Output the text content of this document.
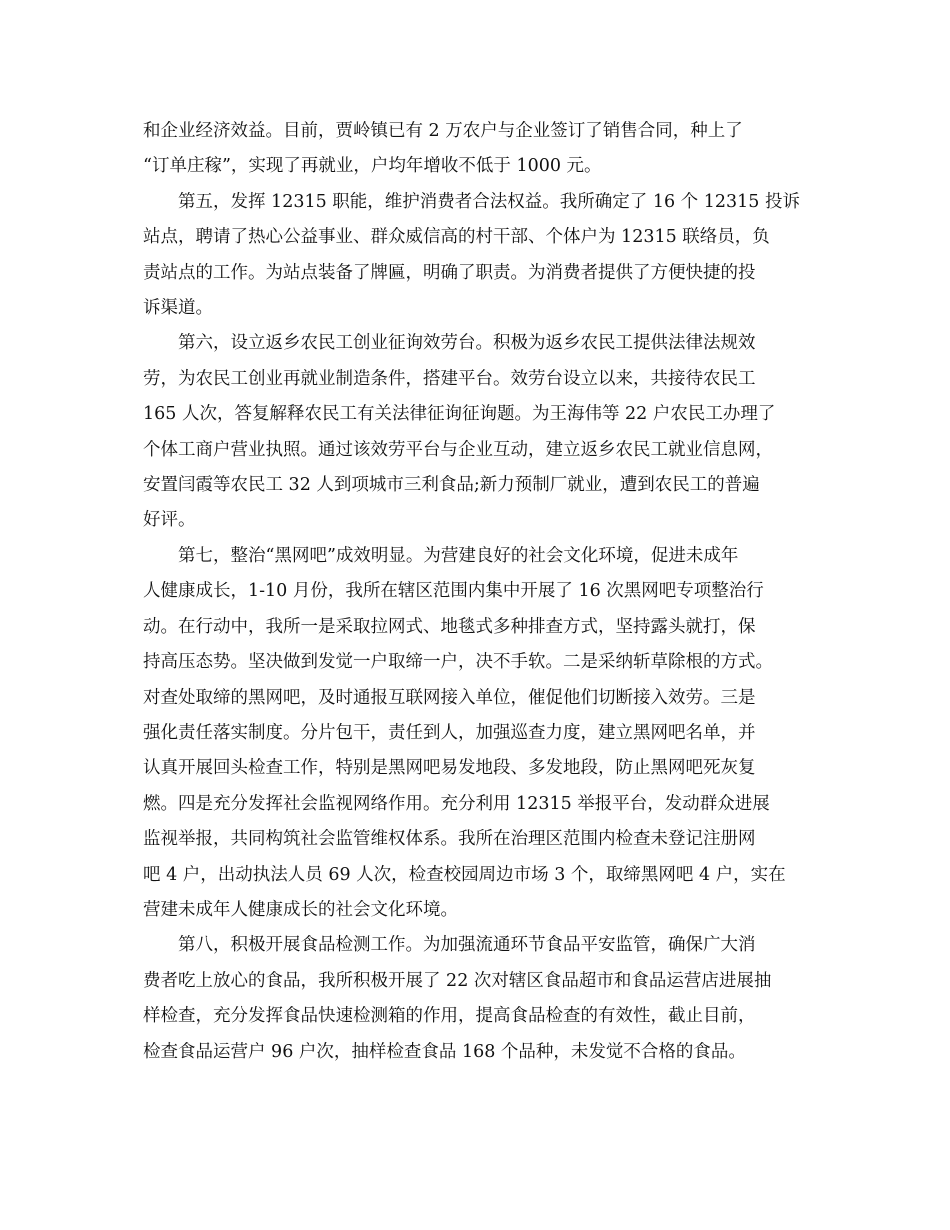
和企业经济效益。目前，贾岭镇已有 2 万农户与企业签订了销售合同，种上了
“订单庄稼”，实现了再就业，户均年增收不低于 1000 元。
第五，发挥 12315 职能，维护消费者合法权益。我所确定了 16 个 12315 投诉
站点，聘请了热心公益事业、群众威信高的村干部、个体户为 12315 联络员，负
责站点的工作。为站点装备了牌匾，明确了职责。为消费者提供了方便快捷的投
诉渠道。
第六，设立返乡农民工创业征询效劳台。积极为返乡农民工提供法律法规效
劳，为农民工创业再就业制造条件，搭建平台。效劳台设立以来，共接待农民工
165 人次，答复解释农民工有关法律征询征询题。为王海伟等 22 户农民工办理了
个体工商户营业执照。通过该效劳平台与企业互动，建立返乡农民工就业信息网，
安置闫霞等农民工 32 人到项城市三利食品;新力预制厂就业，遭到农民工的普遍
好评。
第七，整治“黑网吧”成效明显。为营建良好的社会文化环境，促进未成年
人健康成长，1-10 月份，我所在辖区范围内集中开展了 16 次黑网吧专项整治行
动。在行动中，我所一是采取拉网式、地毯式多种排查方式，坚持露头就打，保
持高压态势。坚决做到发觉一户取缔一户，决不手软。二是采纳斩草除根的方式。
对查处取缔的黑网吧，及时通报互联网接入单位，催促他们切断接入效劳。三是
强化责任落实制度。分片包干，责任到人，加强巡查力度，建立黑网吧名单，并
认真开展回头检查工作，特别是黑网吧易发地段、多发地段，防止黑网吧死灰复
燃。四是充分发挥社会监视网络作用。充分利用 12315 举报平台，发动群众进展
监视举报，共同构筑社会监管维权体系。我所在治理区范围内检查未登记注册网
吧 4 户，出动执法人员 69 人次，检查校园周边市场 3 个，取缔黑网吧 4 户，实在
营建未成年人健康成长的社会文化环境。
第八，积极开展食品检测工作。为加强流通环节食品平安监管，确保广大消
费者吃上放心的食品，我所积极开展了 22 次对辖区食品超市和食品运营店进展抽
样检查，充分发挥食品快速检测箱的作用，提高食品检查的有效性，截止目前，
检查食品运营户 96 户次，抽样检查食品 168 个品种，未发觉不合格的食品。
